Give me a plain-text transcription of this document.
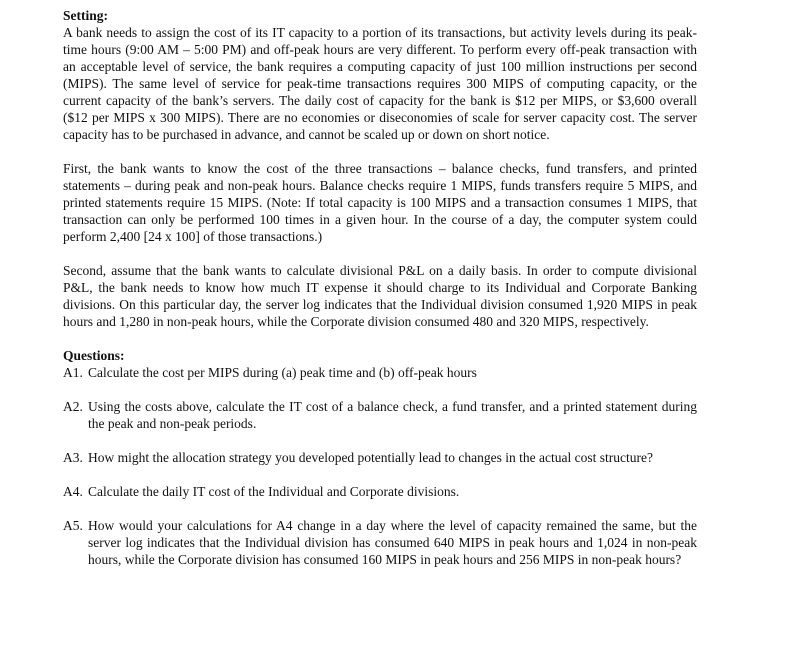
Setting:

A bank needs to assign the cost of its IT capacity to a portion of its transactions, but activity levels during its peak-time hours (9:00 AM – 5:00 PM) and off-peak hours are very different. To perform every off-peak transaction with an acceptable level of service, the bank requires a computing capacity of just 100 million instructions per second (MIPS). The same level of service for peak-time transactions requires 300 MIPS of computing capacity, or the current capacity of the bank’s servers. The daily cost of capacity for the bank is $12 per MIPS, or $3,600 overall ($12 per MIPS x 300 MIPS). There are no economies or diseconomies of scale for server capacity cost. The server capacity has to be purchased in advance, and cannot be scaled up or down on short notice.

First, the bank wants to know the cost of the three transactions – balance checks, fund transfers, and printed statements – during peak and non-peak hours. Balance checks require 1 MIPS, funds transfers require 5 MIPS, and printed statements require 15 MIPS. (Note: If total capacity is 100 MIPS and a transaction consumes 1 MIPS, that transaction can only be performed 100 times in a given hour. In the course of a day, the computer system could perform 2,400 [24 x 100] of those transactions.)

Second, assume that the bank wants to calculate divisional P&L on a daily basis. In order to compute divisional P&L, the bank needs to know how much IT expense it should charge to its Individual and Corporate Banking divisions. On this particular day, the server log indicates that the Individual division consumed 1,920 MIPS in peak hours and 1,280 in non-peak hours, while the Corporate division consumed 480 and 320 MIPS, respectively.

Questions:

A1. Calculate the cost per MIPS during (a) peak time and (b) off-peak hours
A2. Using the costs above, calculate the IT cost of a balance check, a fund transfer, and a printed statement during the peak and non-peak periods.
A3. How might the allocation strategy you developed potentially lead to changes in the actual cost structure?
A4. Calculate the daily IT cost of the Individual and Corporate divisions.
A5. How would your calculations for A4 change in a day where the level of capacity remained the same, but the server log indicates that the Individual division has consumed 640 MIPS in peak hours and 1,024 in non-peak hours, while the Corporate division has consumed 160 MIPS in peak hours and 256 MIPS in non-peak hours?
